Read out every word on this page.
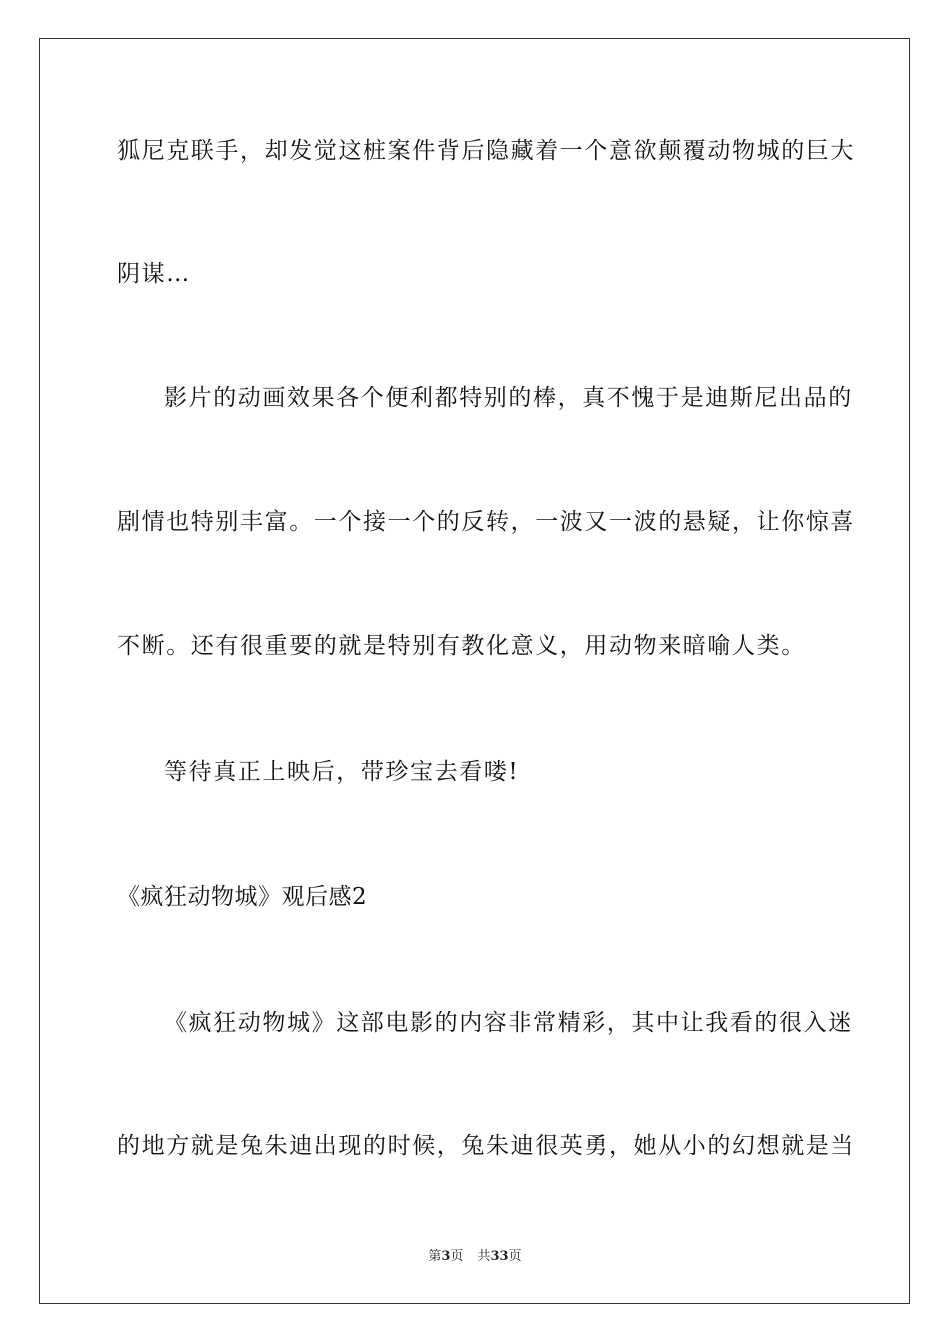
狐尼克联手，却发觉这桩案件背后隐藏着一个意欲颠覆动物城的巨大
阴谋…
影片的动画效果各个便利都特别的棒，真不愧于是迪斯尼出品的
剧情也特别丰富。一个接一个的反转，一波又一波的悬疑，让你惊喜
不断。还有很重要的就是特别有教化意义，用动物来暗喻人类。
等待真正上映后，带珍宝去看喽!
《疯狂动物城》观后感2
《疯狂动物城》这部电影的内容非常精彩，其中让我看的很入迷
的地方就是兔朱迪出现的时候，兔朱迪很英勇，她从小的幻想就是当
第3页 共33页
